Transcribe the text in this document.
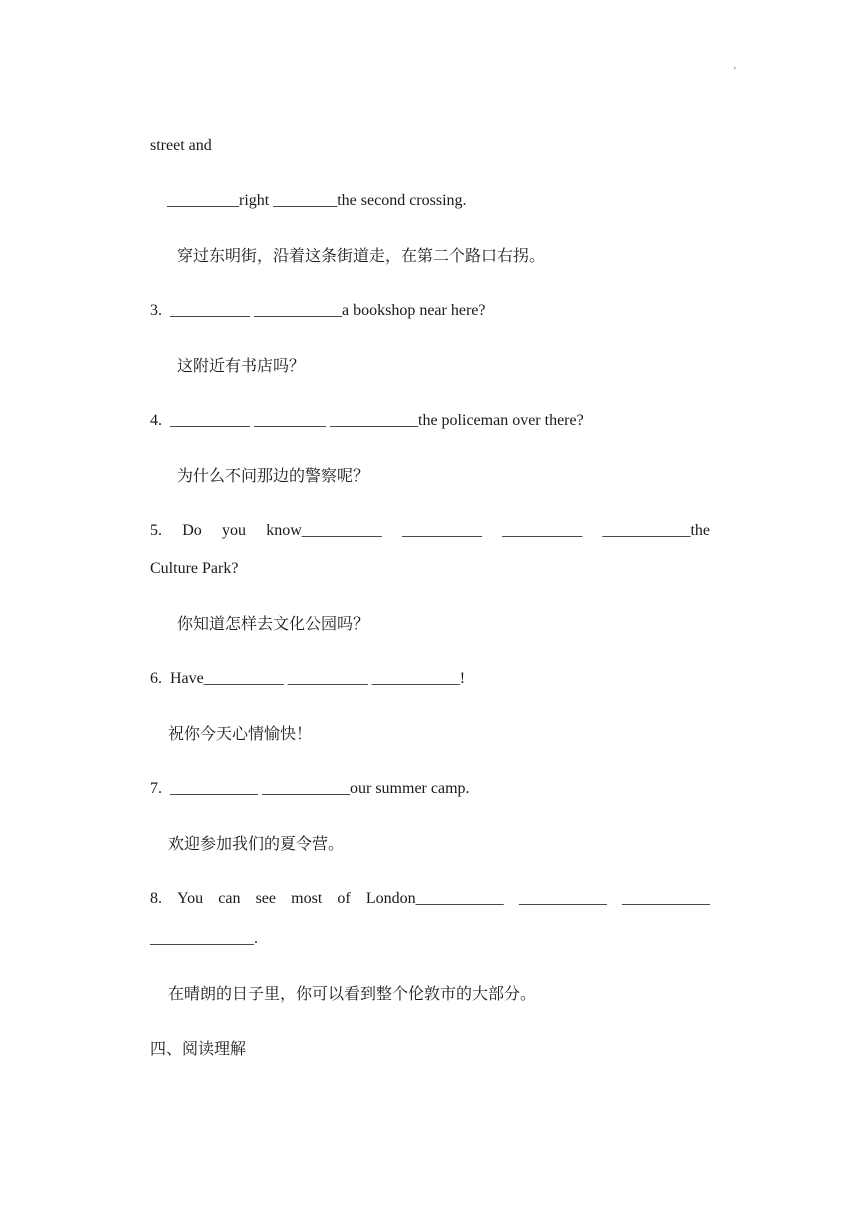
'
street and
_________right ________the second crossing.
穿过东明街，沿着这条街道走，在第二个路口右拐。
3.  __________ ___________a bookshop near here?
这附近有书店吗？
4.  __________ _________ ___________the policeman over there?
为什么不问那边的警察呢？
5. Do you know__________ __________ __________ ___________the
Culture Park?
你知道怎样去文化公园吗？
6.  Have__________ __________ ___________!
祝你今天心情愉快！
7.  ___________ ___________our summer camp.
欢迎参加我们的夏令营。
8. You can see most of London___________ ___________ ___________
_____________.
在晴朗的日子里，你可以看到整个伦敦市的大部分。
四、阅读理解
